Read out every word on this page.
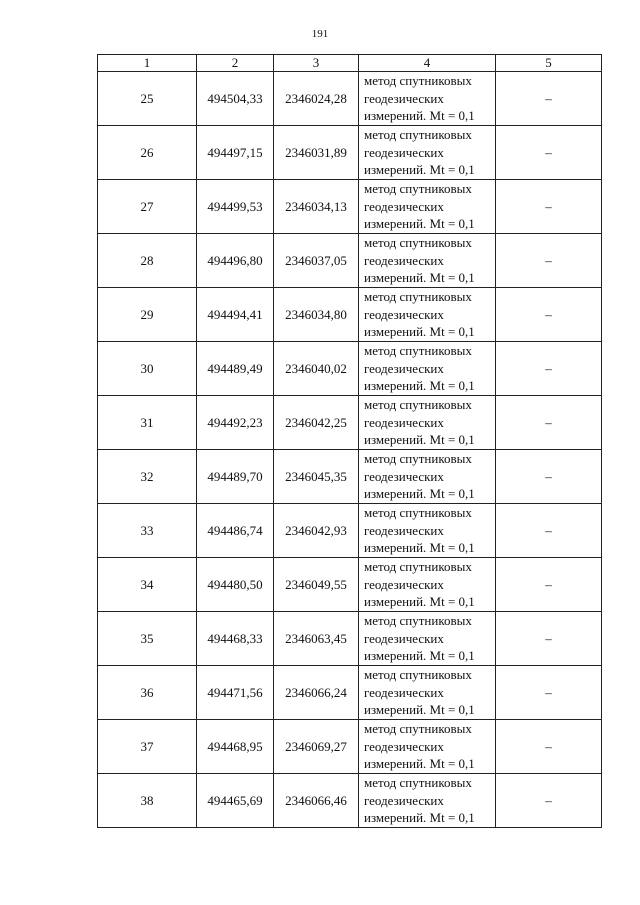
191
1	2	3	4	5
25	494504,33	2346024,28	метод спутниковых
геодезических
измерений. Mt = 0,1	–
26	494497,15	2346031,89	метод спутниковых
геодезических
измерений. Mt = 0,1	–
27	494499,53	2346034,13	метод спутниковых
геодезических
измерений. Mt = 0,1	–
28	494496,80	2346037,05	метод спутниковых
геодезических
измерений. Mt = 0,1	–
29	494494,41	2346034,80	метод спутниковых
геодезических
измерений. Mt = 0,1	–
30	494489,49	2346040,02	метод спутниковых
геодезических
измерений. Mt = 0,1	–
31	494492,23	2346042,25	метод спутниковых
геодезических
измерений. Mt = 0,1	–
32	494489,70	2346045,35	метод спутниковых
геодезических
измерений. Mt = 0,1	–
33	494486,74	2346042,93	метод спутниковых
геодезических
измерений. Mt = 0,1	–
34	494480,50	2346049,55	метод спутниковых
геодезических
измерений. Mt = 0,1	–
35	494468,33	2346063,45	метод спутниковых
геодезических
измерений. Mt = 0,1	–
36	494471,56	2346066,24	метод спутниковых
геодезических
измерений. Mt = 0,1	–
37	494468,95	2346069,27	метод спутниковых
геодезических
измерений. Mt = 0,1	–
38	494465,69	2346066,46	метод спутниковых
геодезических
измерений. Mt = 0,1	–
